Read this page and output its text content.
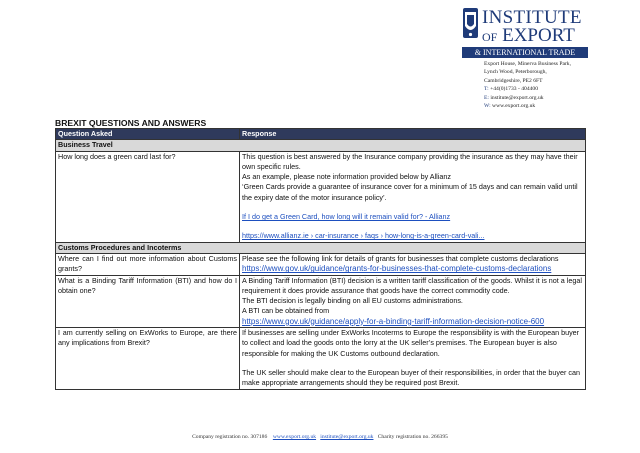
INSTITUTE
OF EXPORT
& INTERNATIONAL TRADE
Export House, Minerva Business Park,
Lynch Wood, Peterborough,
Cambridgeshire, PE2 6FT
T: +44(0)1733 - 404400
E: institute@export.org.uk
W: www.export.org.uk
BREXIT QUESTIONS AND ANSWERS
Question Asked	Response
Business Travel	
How long does a green card last for?	This question is best answered by the Insurance company providing the insurance as they may have their own specific rules.
As an example, please note information provided below by Allianz
‘Green Cards provide a guarantee of insurance cover for a minimum of 15 days and can remain valid until the expiry date of the motor insurance policy’.
If I do get a Green Card, how long will it remain valid for? - Allianz
https://www.allianz.ie › car-insurance › faqs › how-long-is-a-green-card-vali...

Customs Procedures and Incoterms	
Where can I find out more information about Customs grants?	Please see the following link for details of grants for businesses that complete customs declarations
https://www.gov.uk/guidance/grants-for-businesses-that-complete-customs-declarations

What is a Binding Tariff Information (BTI) and how do I obtain one?	A Binding Tariff Information (BTI) decision is a written tariff classification of the goods. Whilst it is not a legal requirement it does provide assurance that goods have the correct commodity code.
The BTI decision is legally binding on all EU customs administrations.
A BTI can be obtained from
https://www.gov.uk/guidance/apply-for-a-binding-tariff-information-decision-notice-600

I am currently selling on ExWorks to Europe, are there any implications from Brexit?	If businesses are selling under ExWorks Incoterms to Europe the responsibility is with the European buyer to collect and load the goods onto the lorry at the UK seller’s premises. The European buyer is also responsible for making the UK Customs outbound declaration.
The UK seller should make clear to the European buyer of their responsibilities, in order that the buyer can make appropriate arrangements should they be required post Brexit.
Company registration no. 307186 www.export.org.uk institute@export.org.uk Charity registration no. 266395
